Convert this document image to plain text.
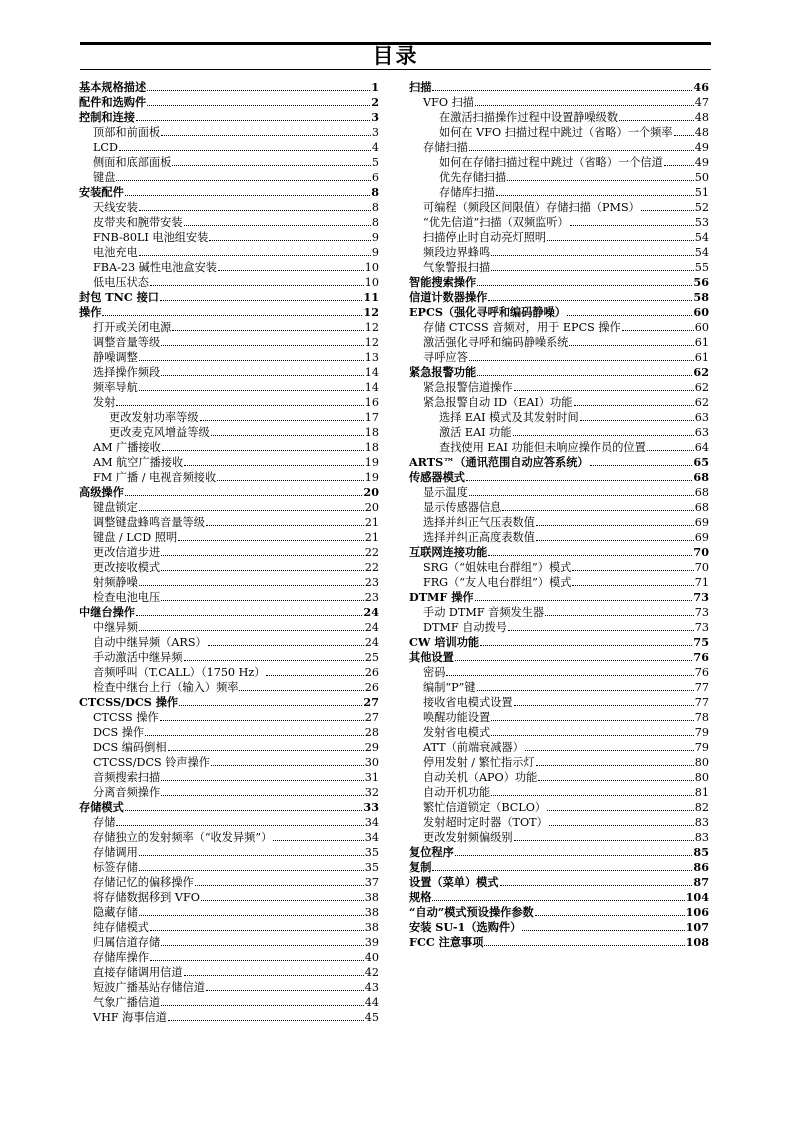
目录
基本规格描述	1
配件和选购件	2
控制和连接	3
顶部和前面板	3
LCD	4
侧面和底部面板	5
键盘	6
安装配件	8
天线安装	8
皮带夹和腕带安装	8
FNB-80LI 电池组安装	9
电池充电	9
FBA-23 碱性电池盒安装	10
低电压状态	10
封包 TNC 接口	11
操作	12
打开或关闭电源	12
调整音量等级	12
静噪调整	13
选择操作频段	14
频率导航	14
发射	16
更改发射功率等级	17
更改麦克风增益等级	18
AM 广播接收	18
AM 航空广播接收	19
FM 广播 / 电视音频接收	19
高级操作	20
键盘锁定	20
调整键盘蜂鸣音量等级	21
键盘 / LCD 照明	21
更改信道步进	22
更改接收模式	22
射频静噪	23
检查电池电压	23
中继台操作	24
中继异频	24
自动中继异频（ARS）	24
手动激活中继异频	25
音频呼叫（T.CALL）（1750 Hz）	26
检查中继台上行（输入）频率	26
CTCSS/DCS 操作	27
CTCSS 操作	27
DCS 操作	28
DCS 编码倒相	29
CTCSS/DCS 铃声操作	30
音频搜索扫描	31
分离音频操作	32
存储模式	33
存储	34
存储独立的发射频率（“收发异频”）	34
存储调用	35
标签存储	35
存储记忆的偏移操作	37
将存储数据移到 VFO	38
隐藏存储	38
纯存储模式	38
归属信道存储	39
存储库操作	40
直接存储调用信道	42
短波广播基站存储信道	43
气象广播信道	44
VHF 海事信道	45
扫描	46
VFO 扫描	47
在激活扫描操作过程中设置静噪级数	48
如何在 VFO 扫描过程中跳过（省略）一个频率 48
存储扫描	49
如何在存储扫描过程中跳过（省略）一个信道	49
优先存储扫描	50
存储库扫描	51
可编程（频段区间限值）存储扫描（PMS）	52
“优先信道”扫描（双频监听）	53
扫描停止时自动亮灯照明	54
频段边界蜂鸣	54
气象警报扫描	55
智能搜索操作	56
信道计数器操作	58
EPCS（强化寻呼和编码静噪）	60
存储 CTCSS 音频对，用于 EPCS 操作	60
激活强化寻呼和编码静噪系统	61
寻呼应答	61
紧急报警功能	62
紧急报警信道操作	62
紧急报警自动 ID（EAI）功能	62
选择 EAI 模式及其发射时间	63
激活 EAI 功能	63
查找使用 EAI 功能但未响应操作员的位置	64
ARTS™（通讯范围自动应答系统）	65
传感器模式	68
显示温度	68
显示传感器信息	68
选择并纠正气压表数值	69
选择并纠正高度表数值	69
互联网连接功能	70
SRG（“姐妹电台群组”）模式	70
FRG（“友人电台群组”）模式	71
DTMF 操作	73
手动 DTMF 音频发生器	73
DTMF 自动拨号	73
CW 培训功能	75
其他设置	76
密码	76
编制“P”键	77
接收省电模式设置	77
唤醒功能设置	78
发射省电模式	79
ATT（前端衰减器）	79
停用发射 / 繁忙指示灯	80
自动关机（APO）功能	80
自动开机功能	81
繁忙信道锁定（BCLO）	82
发射超时定时器（TOT）	83
更改发射频偏级别	83
复位程序	85
复制	86
设置（菜单）模式	87
规格	104
“自动”模式预设操作参数	106
安装 SU-1（选购件）	107
FCC 注意事项	108
